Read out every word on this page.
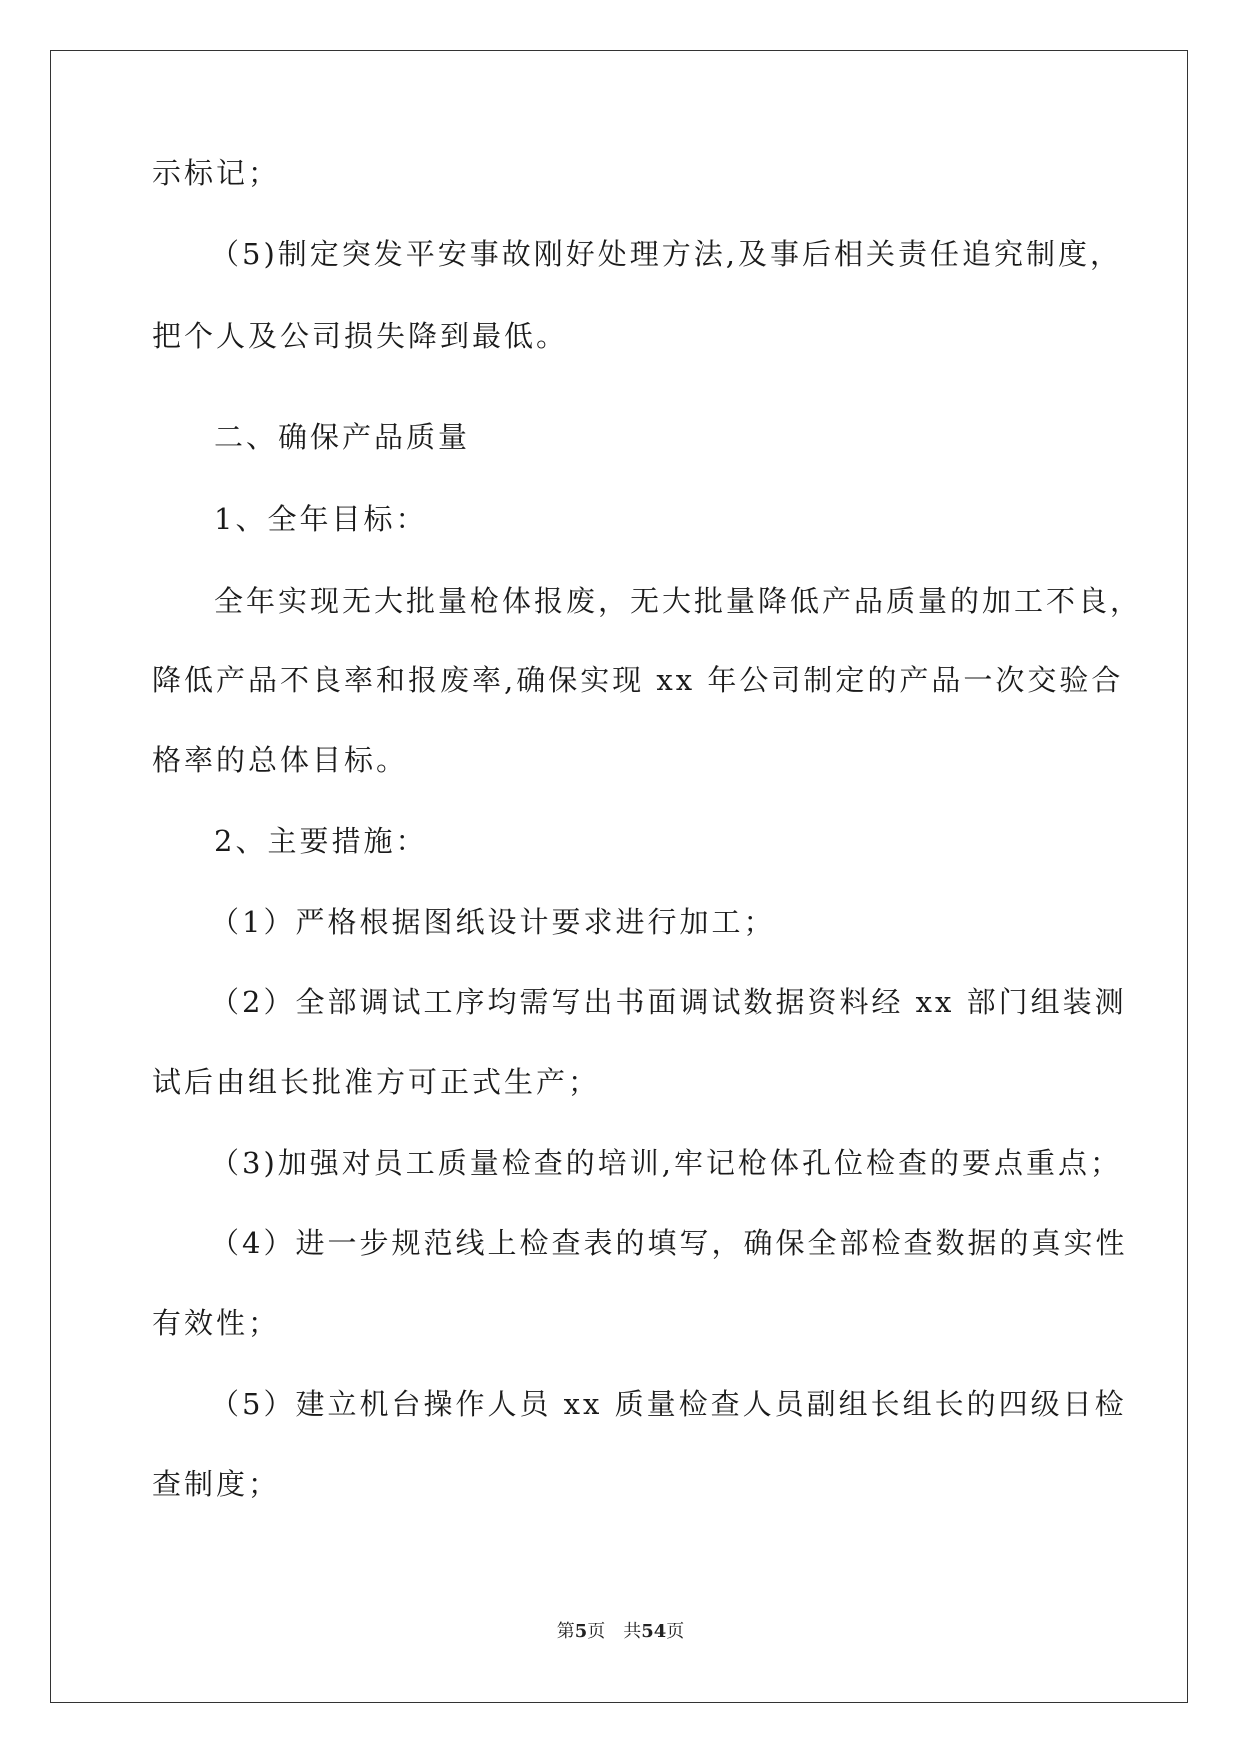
示标记；
（5)制定突发平安事故刚好处理方法,及事后相关责任追究制度，
把个人及公司损失降到最低。
二、确保产品质量
1、全年目标：
全年实现无大批量枪体报废，无大批量降低产品质量的加工不良，
降低产品不良率和报废率,确保实现 xx 年公司制定的产品一次交验合
格率的总体目标。
2、主要措施：
（1）严格根据图纸设计要求进行加工；
（2）全部调试工序均需写出书面调试数据资料经 xx 部门组装测
试后由组长批准方可正式生产；
（3)加强对员工质量检查的培训,牢记枪体孔位检查的要点重点；
（4）进一步规范线上检查表的填写，确保全部检查数据的真实性
有效性；
（5）建立机台操作人员 xx 质量检查人员副组长组长的四级日检
查制度；
第5页 共54页
